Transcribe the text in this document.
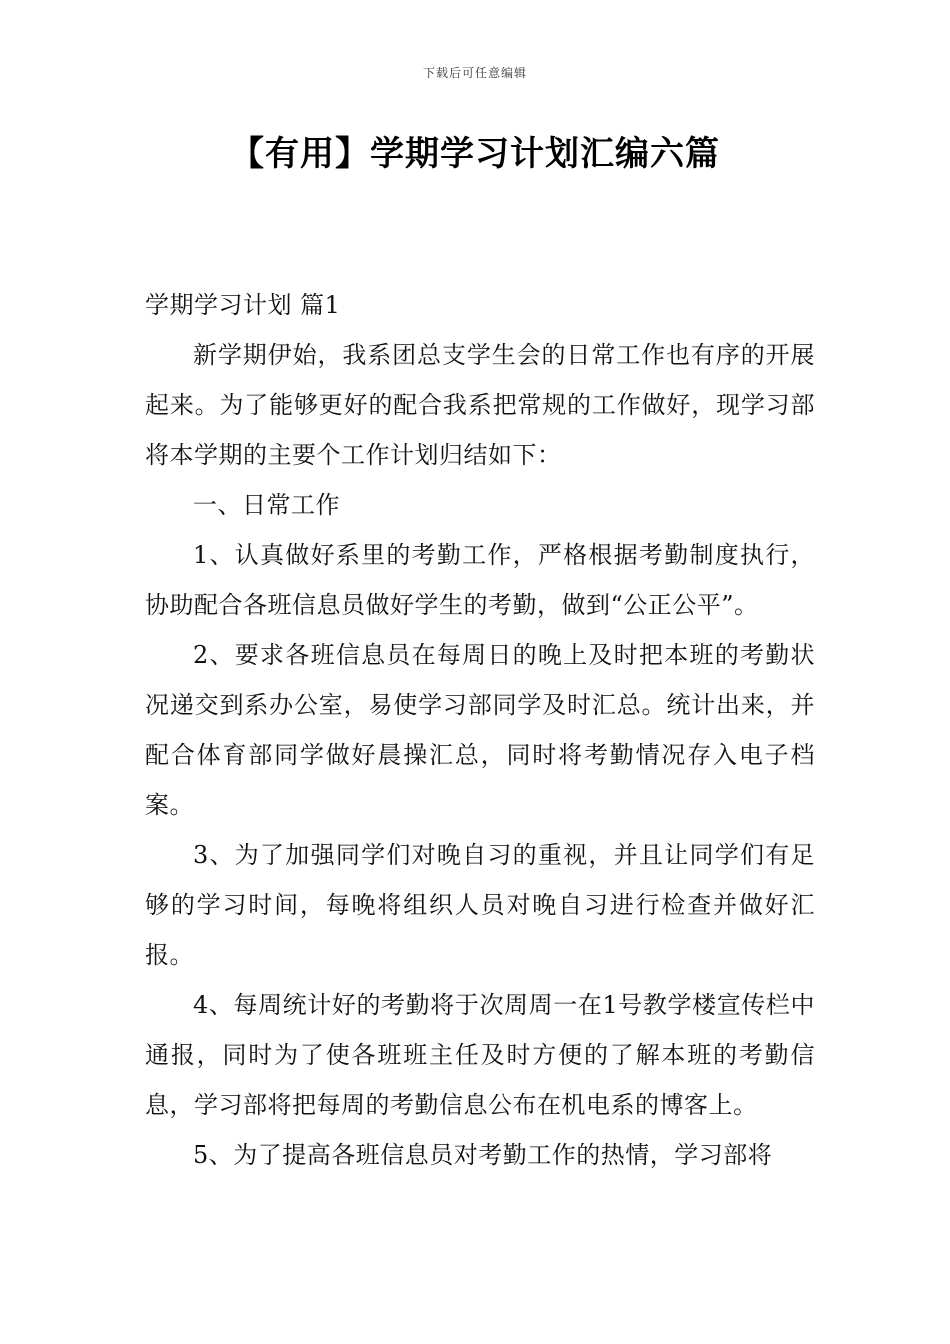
下载后可任意编辑
【有用】学期学习计划汇编六篇

学期学习计划 篇1

新学期伊始，我系团总支学生会的日常工作也有序的开展起来。为了能够更好的配合我系把常规的工作做好，现学习部将本学期的主要个工作计划归结如下：

一、日常工作

1、认真做好系里的考勤工作，严格根据考勤制度执行，协助配合各班信息员做好学生的考勤，做到“公正公平”。

2、要求各班信息员在每周日的晚上及时把本班的考勤状况递交到系办公室，易使学习部同学及时汇总。统计出来，并配合体育部同学做好晨操汇总，同时将考勤情况存入电子档案。

3、为了加强同学们对晚自习的重视，并且让同学们有足够的学习时间，每晚将组织人员对晚自习进行检查并做好汇报。

4、每周统计好的考勤将于次周周一在1号教学楼宣传栏中通报，同时为了使各班班主任及时方便的了解本班的考勤信息，学习部将把每周的考勤信息公布在机电系的博客上。

5、为了提高各班信息员对考勤工作的热情，学习部将
